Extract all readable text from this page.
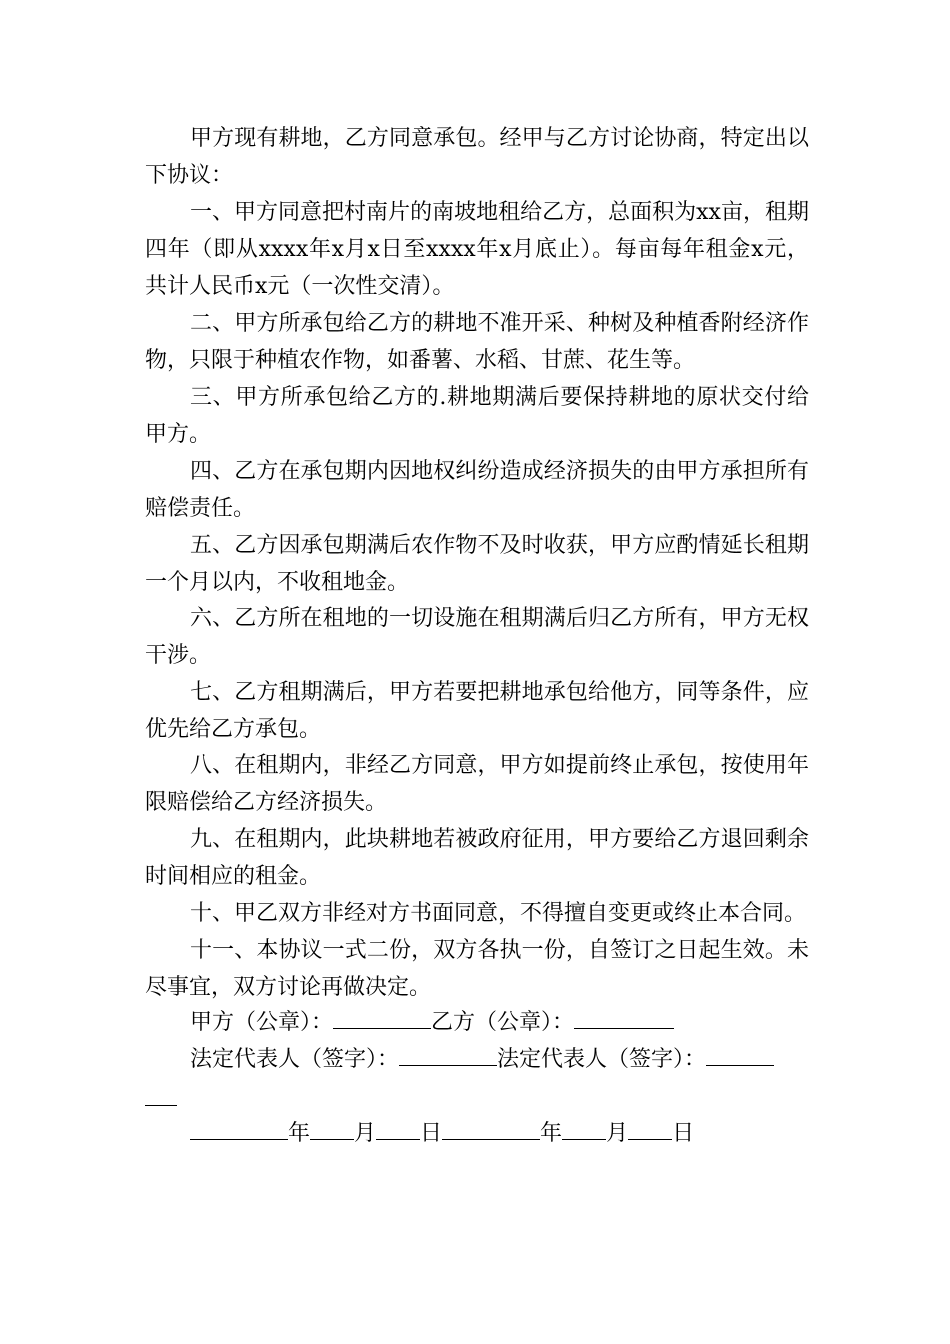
甲方现有耕地，乙方同意承包。经甲与乙方讨论协商，特定出以下协议：

一、甲方同意把村南片的南坡地租给乙方，总面积为xx亩，租期四年（即从xxxx年x月x日至xxxx年x月底止）。每亩每年租金x元，共计人民币x元（一次性交清）。

二、甲方所承包给乙方的耕地不准开采、种树及种植香附经济作物，只限于种植农作物，如番薯、水稻、甘蔗、花生等。

三、甲方所承包给乙方的.耕地期满后要保持耕地的原状交付给甲方。

四、乙方在承包期内因地权纠纷造成经济损失的由甲方承担所有赔偿责任。

五、乙方因承包期满后农作物不及时收获，甲方应酌情延长租期一个月以内，不收租地金。

六、乙方所在租地的一切设施在租期满后归乙方所有，甲方无权干涉。

七、乙方租期满后，甲方若要把耕地承包给他方，同等条件，应优先给乙方承包。

八、在租期内，非经乙方同意，甲方如提前终止承包，按使用年限赔偿给乙方经济损失。

九、在租期内，此块耕地若被政府征用，甲方要给乙方退回剩余时间相应的租金。

十、甲乙双方非经对方书面同意，不得擅自变更或终止本合同。

十一、本协议一式二份，双方各执一份，自签订之日起生效。未尽事宜，双方讨论再做决定。

甲方（公章）：	乙方（公章）：

法定代表人（签字）：	法定代表人（签字）：

年 月 日	年 月 日
